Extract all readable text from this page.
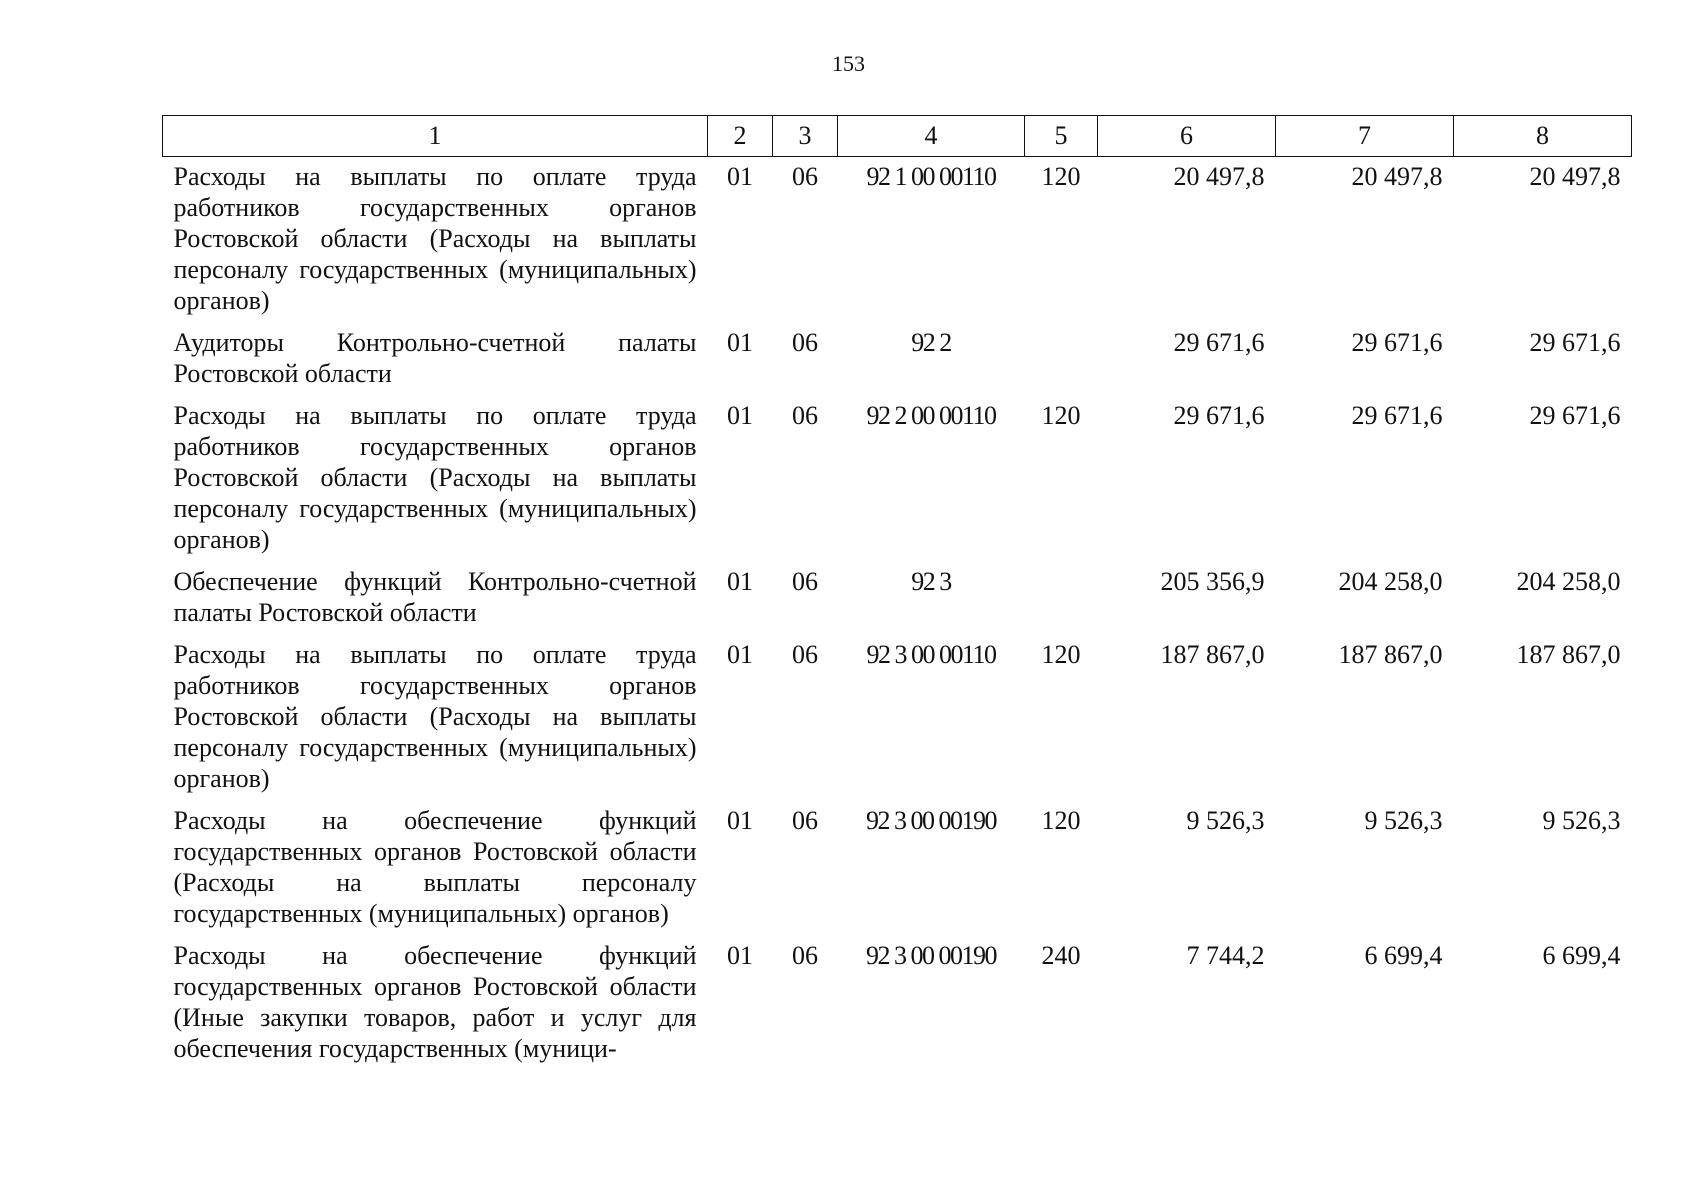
153
1	2	3	4	5	6	7	8
Расходы на выплаты по оплате труда работников государственных органов Ростовской области (Расходы на выплаты персоналу государственных (муниципальных) органов)	01	06	92 1 00 00110	120	20 497,8	20 497,8	20 497,8
Аудиторы Контрольно-счетной палаты Ростовской области	01	06	92 2		29 671,6	29 671,6	29 671,6
Расходы на выплаты по оплате труда работников государственных органов Ростовской области (Расходы на выплаты персоналу государственных (муниципальных) органов)	01	06	92 2 00 00110	120	29 671,6	29 671,6	29 671,6
Обеспечение функций Контрольно-счетной палаты Ростовской области	01	06	92 3		205 356,9	204 258,0	204 258,0
Расходы на выплаты по оплате труда работников государственных органов Ростовской области (Расходы на выплаты персоналу государственных (муниципальных) органов)	01	06	92 3 00 00110	120	187 867,0	187 867,0	187 867,0
Расходы на обеспечение функций государственных органов Ростовской области (Расходы на выплаты персоналу государственных (муниципальных) органов)	01	06	92 3 00 00190	120	9 526,3	9 526,3	9 526,3
Расходы на обеспечение функций государственных органов Ростовской области (Иные закупки товаров, работ и услуг для обеспечения государственных (муници-	01	06	92 3 00 00190	240	7 744,2	6 699,4	6 699,4
